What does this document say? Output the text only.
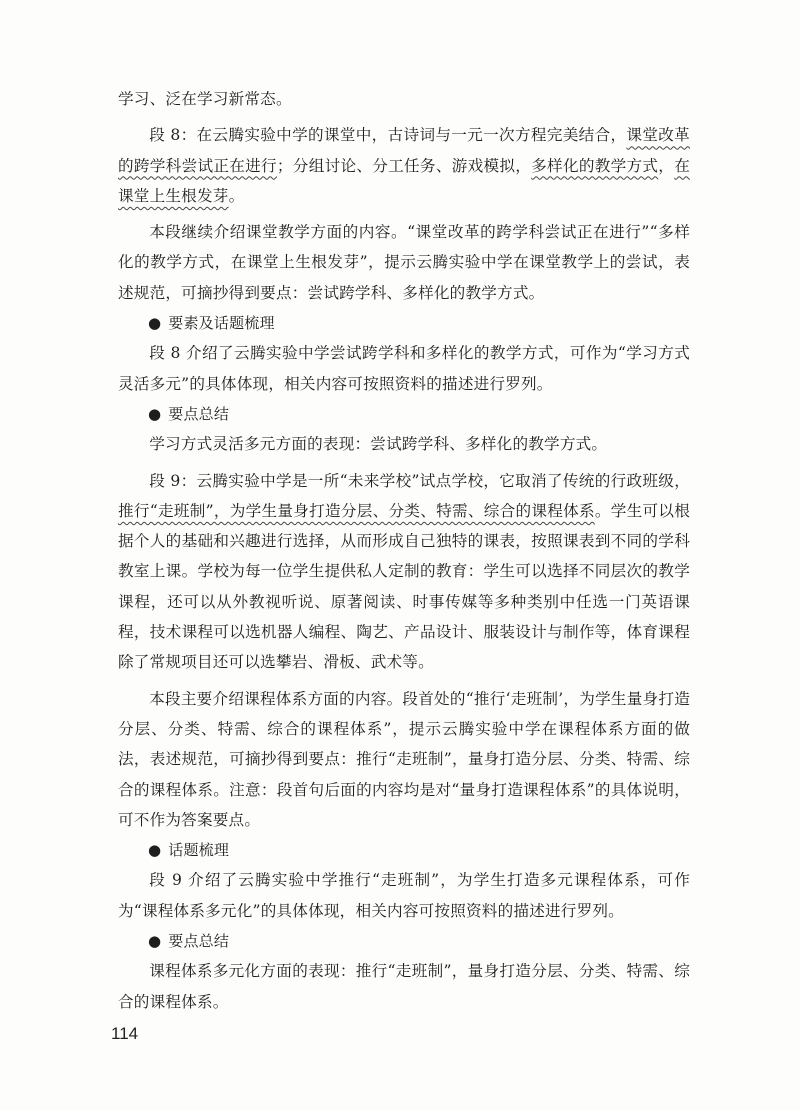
学习、泛在学习新常态。

段 8：在云腾实验中学的课堂中，古诗词与一元一次方程完美结合，课堂改革的跨学科尝试正在进行；分组讨论、分工任务、游戏模拟，多样化的教学方式，在课堂上生根发芽。

本段继续介绍课堂教学方面的内容。“课堂改革的跨学科尝试正在进行”“多样化的教学方式，在课堂上生根发芽”，提示云腾实验中学在课堂教学上的尝试，表述规范，可摘抄得到要点：尝试跨学科、多样化的教学方式。

● 要素及话题梳理

段 8 介绍了云腾实验中学尝试跨学科和多样化的教学方式，可作为“学习方式灵活多元”的具体体现，相关内容可按照资料的描述进行罗列。

● 要点总结

学习方式灵活多元方面的表现：尝试跨学科、多样化的教学方式。

段 9：云腾实验中学是一所“未来学校”试点学校，它取消了传统的行政班级，推行“走班制”，为学生量身打造分层、分类、特需、综合的课程体系。学生可以根据个人的基础和兴趣进行选择，从而形成自己独特的课表，按照课表到不同的学科教室上课。学校为每一位学生提供私人定制的教育：学生可以选择不同层次的教学课程，还可以从外教视听说、原著阅读、时事传媒等多种类别中任选一门英语课程，技术课程可以选机器人编程、陶艺、产品设计、服装设计与制作等，体育课程除了常规项目还可以选攀岩、滑板、武术等。

本段主要介绍课程体系方面的内容。段首处的“推行‘走班制’，为学生量身打造分层、分类、特需、综合的课程体系”，提示云腾实验中学在课程体系方面的做法，表述规范，可摘抄得到要点：推行“走班制”，量身打造分层、分类、特需、综合的课程体系。注意：段首句后面的内容均是对“量身打造课程体系”的具体说明，可不作为答案要点。

● 话题梳理

段 9 介绍了云腾实验中学推行“走班制”，为学生打造多元课程体系，可作为“课程体系多元化”的具体体现，相关内容可按照资料的描述进行罗列。

● 要点总结

课程体系多元化方面的表现：推行“走班制”，量身打造分层、分类、特需、综合的课程体系。

114
